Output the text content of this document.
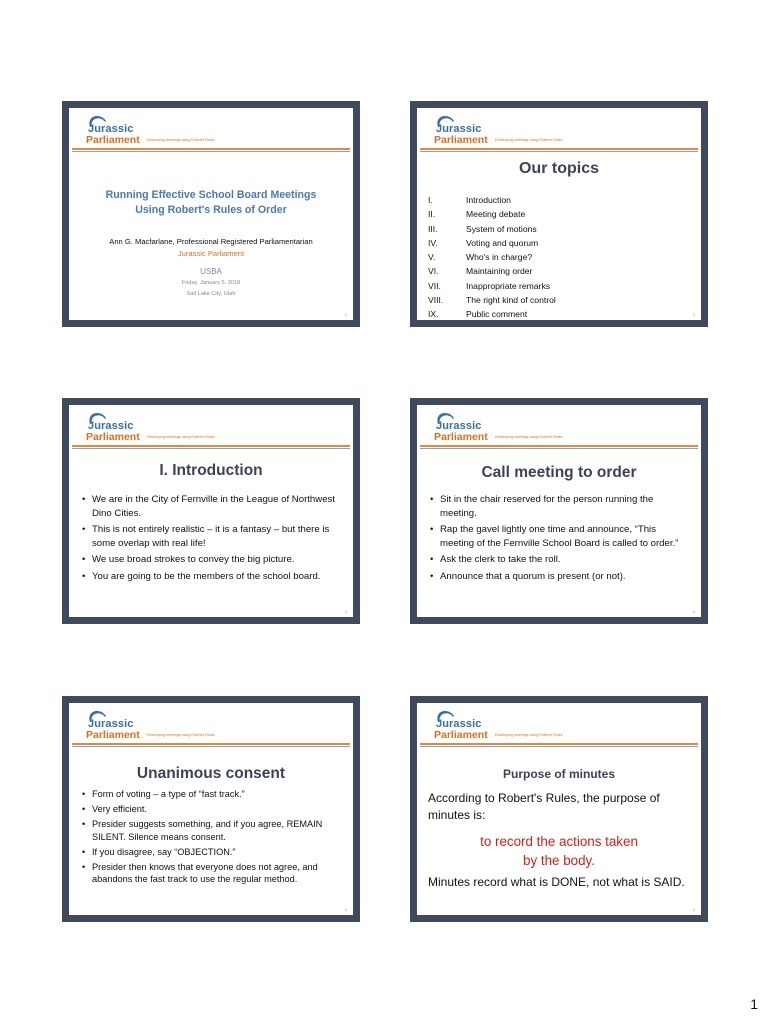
Jurassic
Parliament Developing meetings using Robert's Rules
Running Effective School Board Meetings
Using Robert's Rules of Order
Ann G. Macfarlane, Professional Registered Parliamentarian
Jurassic Parliament
USBA
Friday, January 5, 2018
Salt Lake City, Utah
1
Jurassic
Parliament Developing meetings using Robert's Rules
Our topics
I.	Introduction
II.	Meeting debate
III.	System of motions
IV.	Voting and quorum
V.	Who's in charge?
VI.	Maintaining order
VII.	Inappropriate remarks
VIII.	The right kind of control
IX.	Public comment	2
Jurassic
Parliament Developing meetings using Robert's Rules
I. Introduction
• We are in the City of Fernville in the League of Northwest Dino Cities.
• This is not entirely realistic – it is a fantasy – but there is some overlap with real life!
• We use broad strokes to convey the big picture.
• You are going to be the members of the school board.
3
Jurassic
Parliament Developing meetings using Robert's Rules
Call meeting to order
• Sit in the chair reserved for the person running the meeting.
• Rap the gavel lightly one time and announce, “This meeting of the Fernville School Board is called to order.”
• Ask the clerk to take the roll.
• Announce that a quorum is present (or not).
4
Jurassic
Parliament Developing meetings using Robert's Rules
Unanimous consent
• Form of voting – a type of “fast track.”
• Very efficient.
• Presider suggests something, and if you agree, REMAIN SILENT. Silence means consent.
• If you disagree, say “OBJECTION.”
• Presider then knows that everyone does not agree, and abandons the fast track to use the regular method.
5
Jurassic
Parliament Developing meetings using Robert's Rules
Purpose of minutes
According to Robert's Rules, the purpose of minutes is:
to record the actions taken
by the body.
Minutes record what is DONE, not what is SAID.
6
1
